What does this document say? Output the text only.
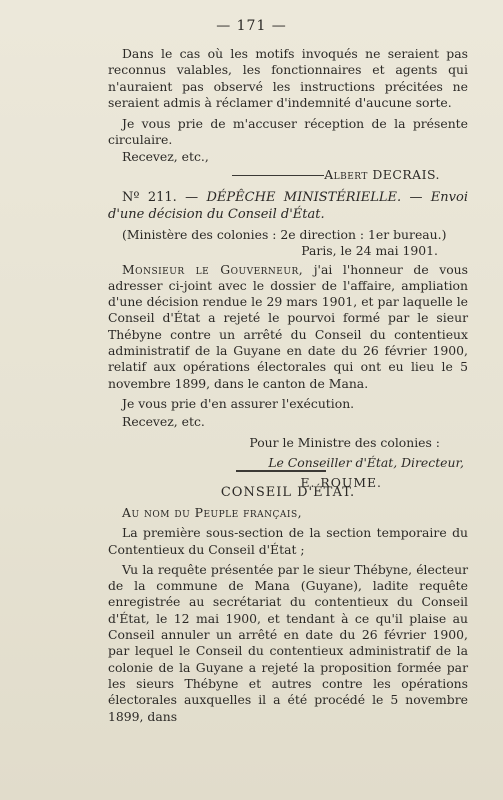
— 171 —

Dans le cas où les motifs invoqués ne seraient pas reconnus valables, les fonctionnaires et agents qui n'auraient pas observé les instructions précitées ne seraient admis à réclamer d'indemnité d'aucune sorte.

Je vous prie de m'accuser réception de la présente circulaire.

Recevez, etc.,

Albert DECRAIS.

Nº 211. — DÉPÊCHE MINISTÉRIELLE. — Envoi d'une décision du Conseil d'État.

(Ministère des colonies : 2e direction : 1er bureau.)

Paris, le 24 mai 1901.

Monsieur le Gouverneur, j'ai l'honneur de vous adresser ci-joint avec le dossier de l'affaire, ampliation d'une décision rendue le 29 mars 1901, et par laquelle le Conseil d'État a rejeté le pourvoi formé par le sieur Thébyne contre un arrêté du Conseil du contentieux administratif de la Guyane en date du 26 février 1900, relatif aux opérations électorales qui ont eu lieu le 5 novembre 1899, dans le canton de Mana.

Je vous prie d'en assurer l'exécution.

Recevez, etc.

Pour le Ministre des colonies :

Le Conseiller d'État, Directeur,

E. ROUME.

CONSEIL D'ÉTAT.

Au nom du Peuple français,

La première sous-section de la section temporaire du Contentieux du Conseil d'État ;

Vu la requête présentée par le sieur Thébyne, électeur de la commune de Mana (Guyane), ladite requête enregistrée au secrétariat du contentieux du Conseil d'État, le 12 mai 1900, et tendant à ce qu'il plaise au Conseil annuler un arrêté en date du 26 février 1900, par lequel le Conseil du contentieux administratif de la colonie de la Guyane a rejeté la proposition formée par les sieurs Thébyne et autres contre les opérations électorales auxquelles il a été procédé le 5 novembre 1899, dans
